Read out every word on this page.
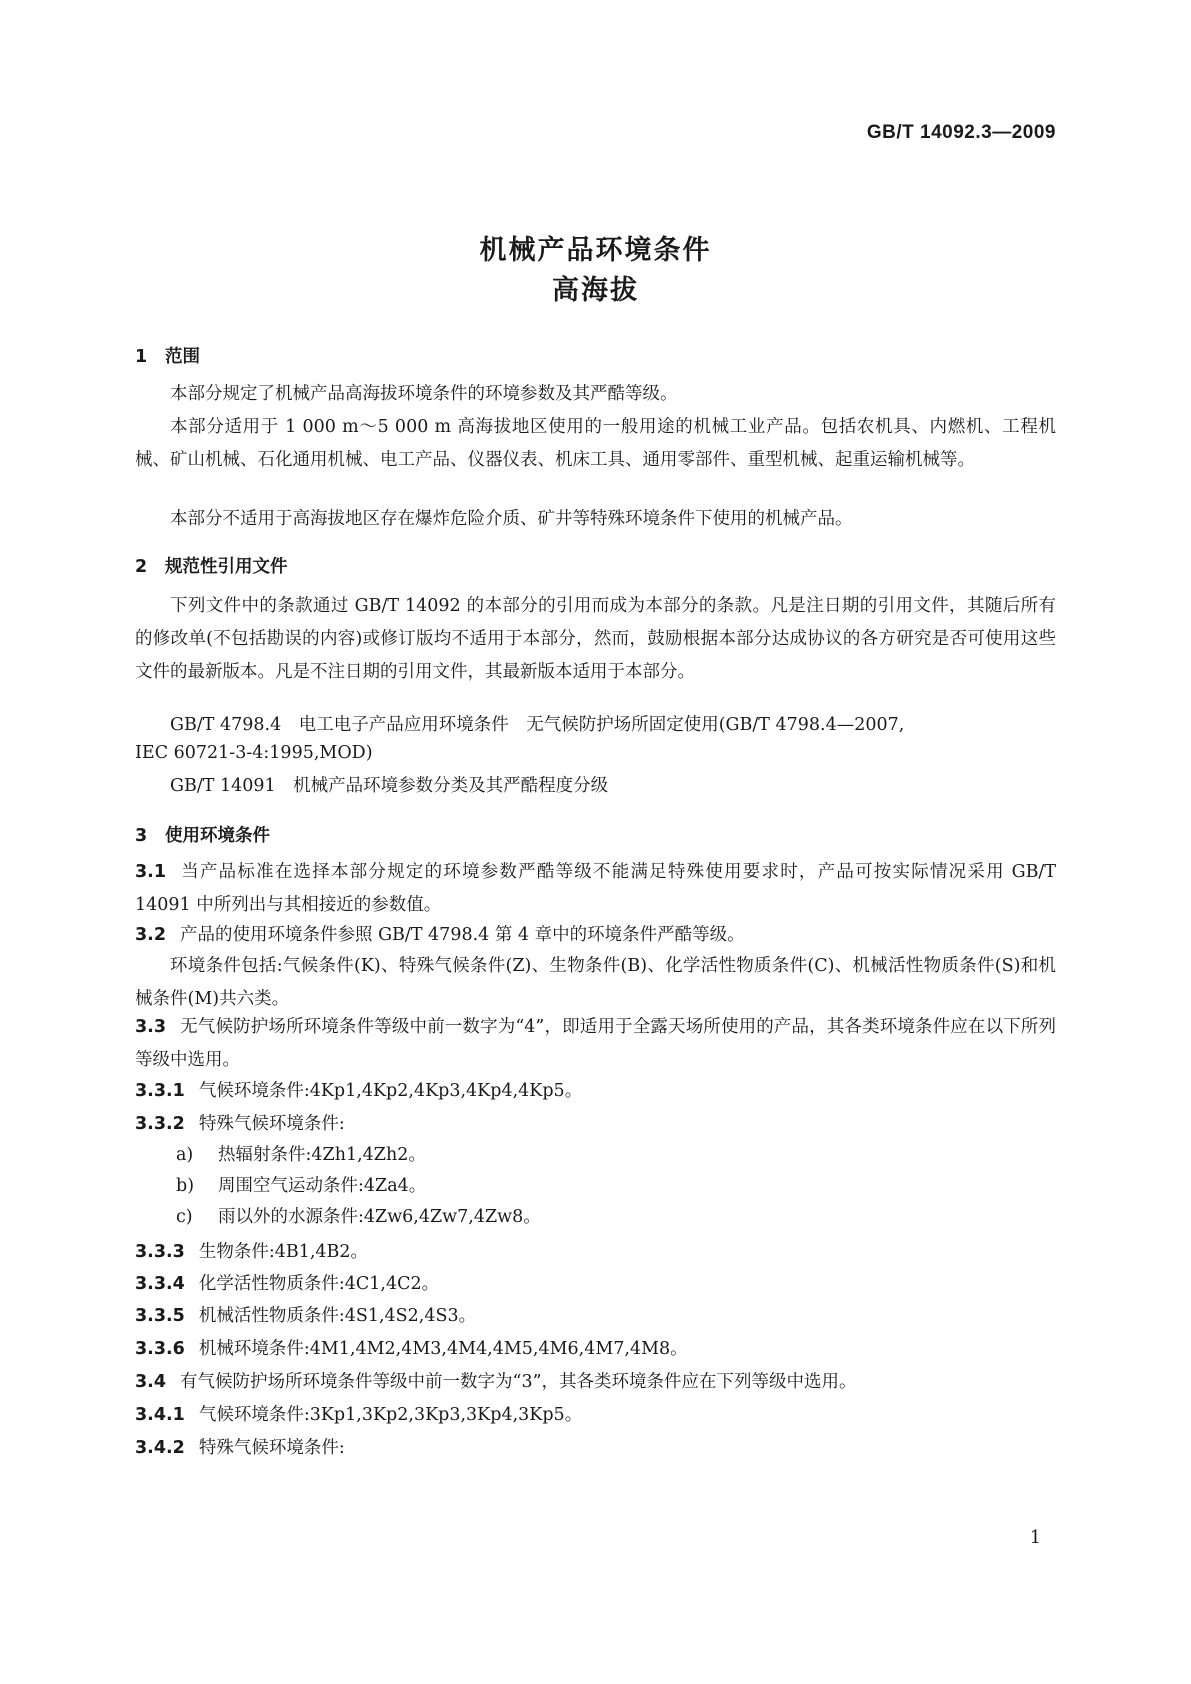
GB/T 14092.3—2009
机械产品环境条件
高海拔
1 范围
本部分规定了机械产品高海拔环境条件的环境参数及其严酷等级。
本部分适用于 1 000 m～5 000 m 高海拔地区使用的一般用途的机械工业产品。包括农机具、内燃机、工程机械、矿山机械、石化通用机械、电工产品、仪器仪表、机床工具、通用零部件、重型机械、起重运输机械等。
本部分不适用于高海拔地区存在爆炸危险介质、矿井等特殊环境条件下使用的机械产品。
2 规范性引用文件
下列文件中的条款通过 GB/T 14092 的本部分的引用而成为本部分的条款。凡是注日期的引用文件，其随后所有的修改单(不包括勘误的内容)或修订版均不适用于本部分，然而，鼓励根据本部分达成协议的各方研究是否可使用这些文件的最新版本。凡是不注日期的引用文件，其最新版本适用于本部分。
GB/T 4798.4　电工电子产品应用环境条件　无气候防护场所固定使用(GB/T 4798.4—2007,
IEC 60721-3-4:1995,MOD)
GB/T 14091　机械产品环境参数分类及其严酷程度分级
3 使用环境条件
3.1 当产品标准在选择本部分规定的环境参数严酷等级不能满足特殊使用要求时，产品可按实际情况采用 GB/T 14091 中所列出与其相接近的参数值。
3.2 产品的使用环境条件参照 GB/T 4798.4 第 4 章中的环境条件严酷等级。
环境条件包括:气候条件(K)、特殊气候条件(Z)、生物条件(B)、化学活性物质条件(C)、机械活性物质条件(S)和机械条件(M)共六类。
3.3 无气候防护场所环境条件等级中前一数字为“4”，即适用于全露天场所使用的产品，其各类环境条件应在以下所列等级中选用。
3.3.1 气候环境条件:4Kp1,4Kp2,4Kp3,4Kp4,4Kp5。
3.3.2 特殊气候环境条件:
a) 热辐射条件:4Zh1,4Zh2。
b) 周围空气运动条件:4Za4。
c) 雨以外的水源条件:4Zw6,4Zw7,4Zw8。
3.3.3 生物条件:4B1,4B2。
3.3.4 化学活性物质条件:4C1,4C2。
3.3.5 机械活性物质条件:4S1,4S2,4S3。
3.3.6 机械环境条件:4M1,4M2,4M3,4M4,4M5,4M6,4M7,4M8。
3.4 有气候防护场所环境条件等级中前一数字为“3”，其各类环境条件应在下列等级中选用。
3.4.1 气候环境条件:3Kp1,3Kp2,3Kp3,3Kp4,3Kp5。
3.4.2 特殊气候环境条件:
1
